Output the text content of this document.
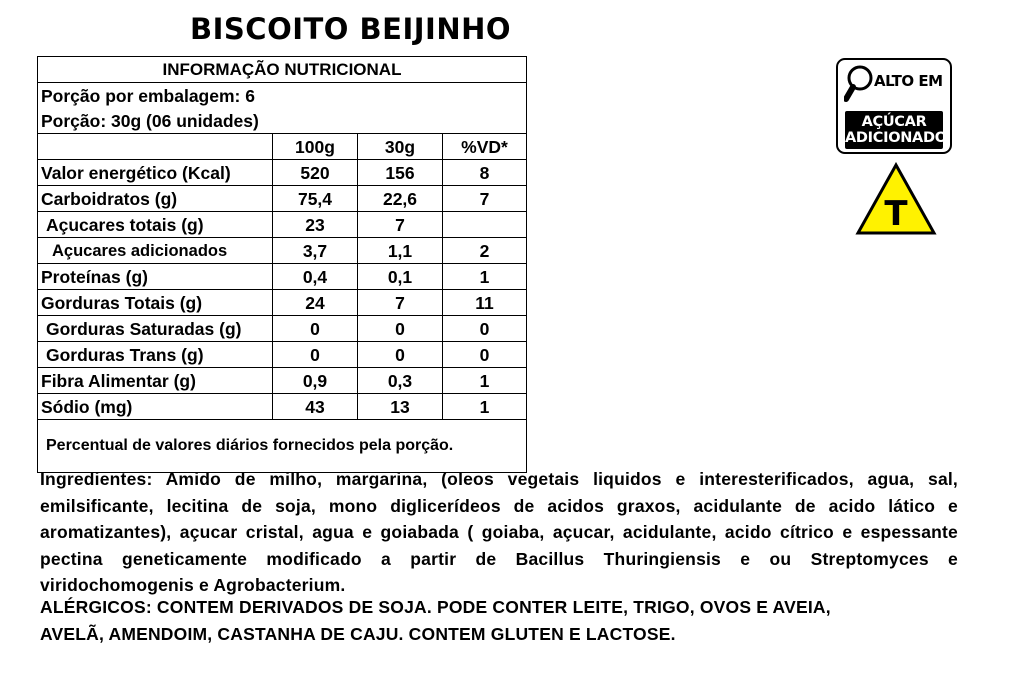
BISCOITO BEIJINHO
INFORMAÇÃO NUTRICIONAL			
Porção por embalagem: 6			
Porção: 30g (06 unidades)			
	100g	30g	%VD*
Valor energético (Kcal)	520	156	8
Carboidratos (g)	75,4	22,6	7
Açucares totais (g)	23	7	
Açucares adicionados	3,7	1,1	2
Proteínas (g)	0,4	0,1	1
Gorduras Totais (g)	24	7	11
Gorduras Saturadas (g)	0	0	0
Gorduras Trans (g)	0	0	0
Fibra Alimentar (g)	0,9	0,3	1
Sódio (mg)	43	13	1
Percentual de valores diários fornecidos pela porção.			
Ingredientes: Amido de milho, margarina, (oleos vegetais liquidos e interesterificados, agua, sal, emilsificante, lecitina de soja, mono diglicerídeos de acidos graxos, acidulante de acido lático e aromatizantes), açucar cristal, agua e goiabada ( goiaba, açucar, acidulante, acido cítrico e espessante pectina geneticamente modificado a partir de Bacillus Thuringiensis e ou Streptomyces e viridochomogenis e Agrobacterium.
ALÉRGICOS: CONTEM DERIVADOS DE SOJA. PODE CONTER LEITE, TRIGO, OVOS E AVEIA,
AVELÃ, AMENDOIM, CASTANHA DE CAJU. CONTEM GLUTEN E LACTOSE.
ALTO EM
AÇÚCAR
ADICIONADO
T
